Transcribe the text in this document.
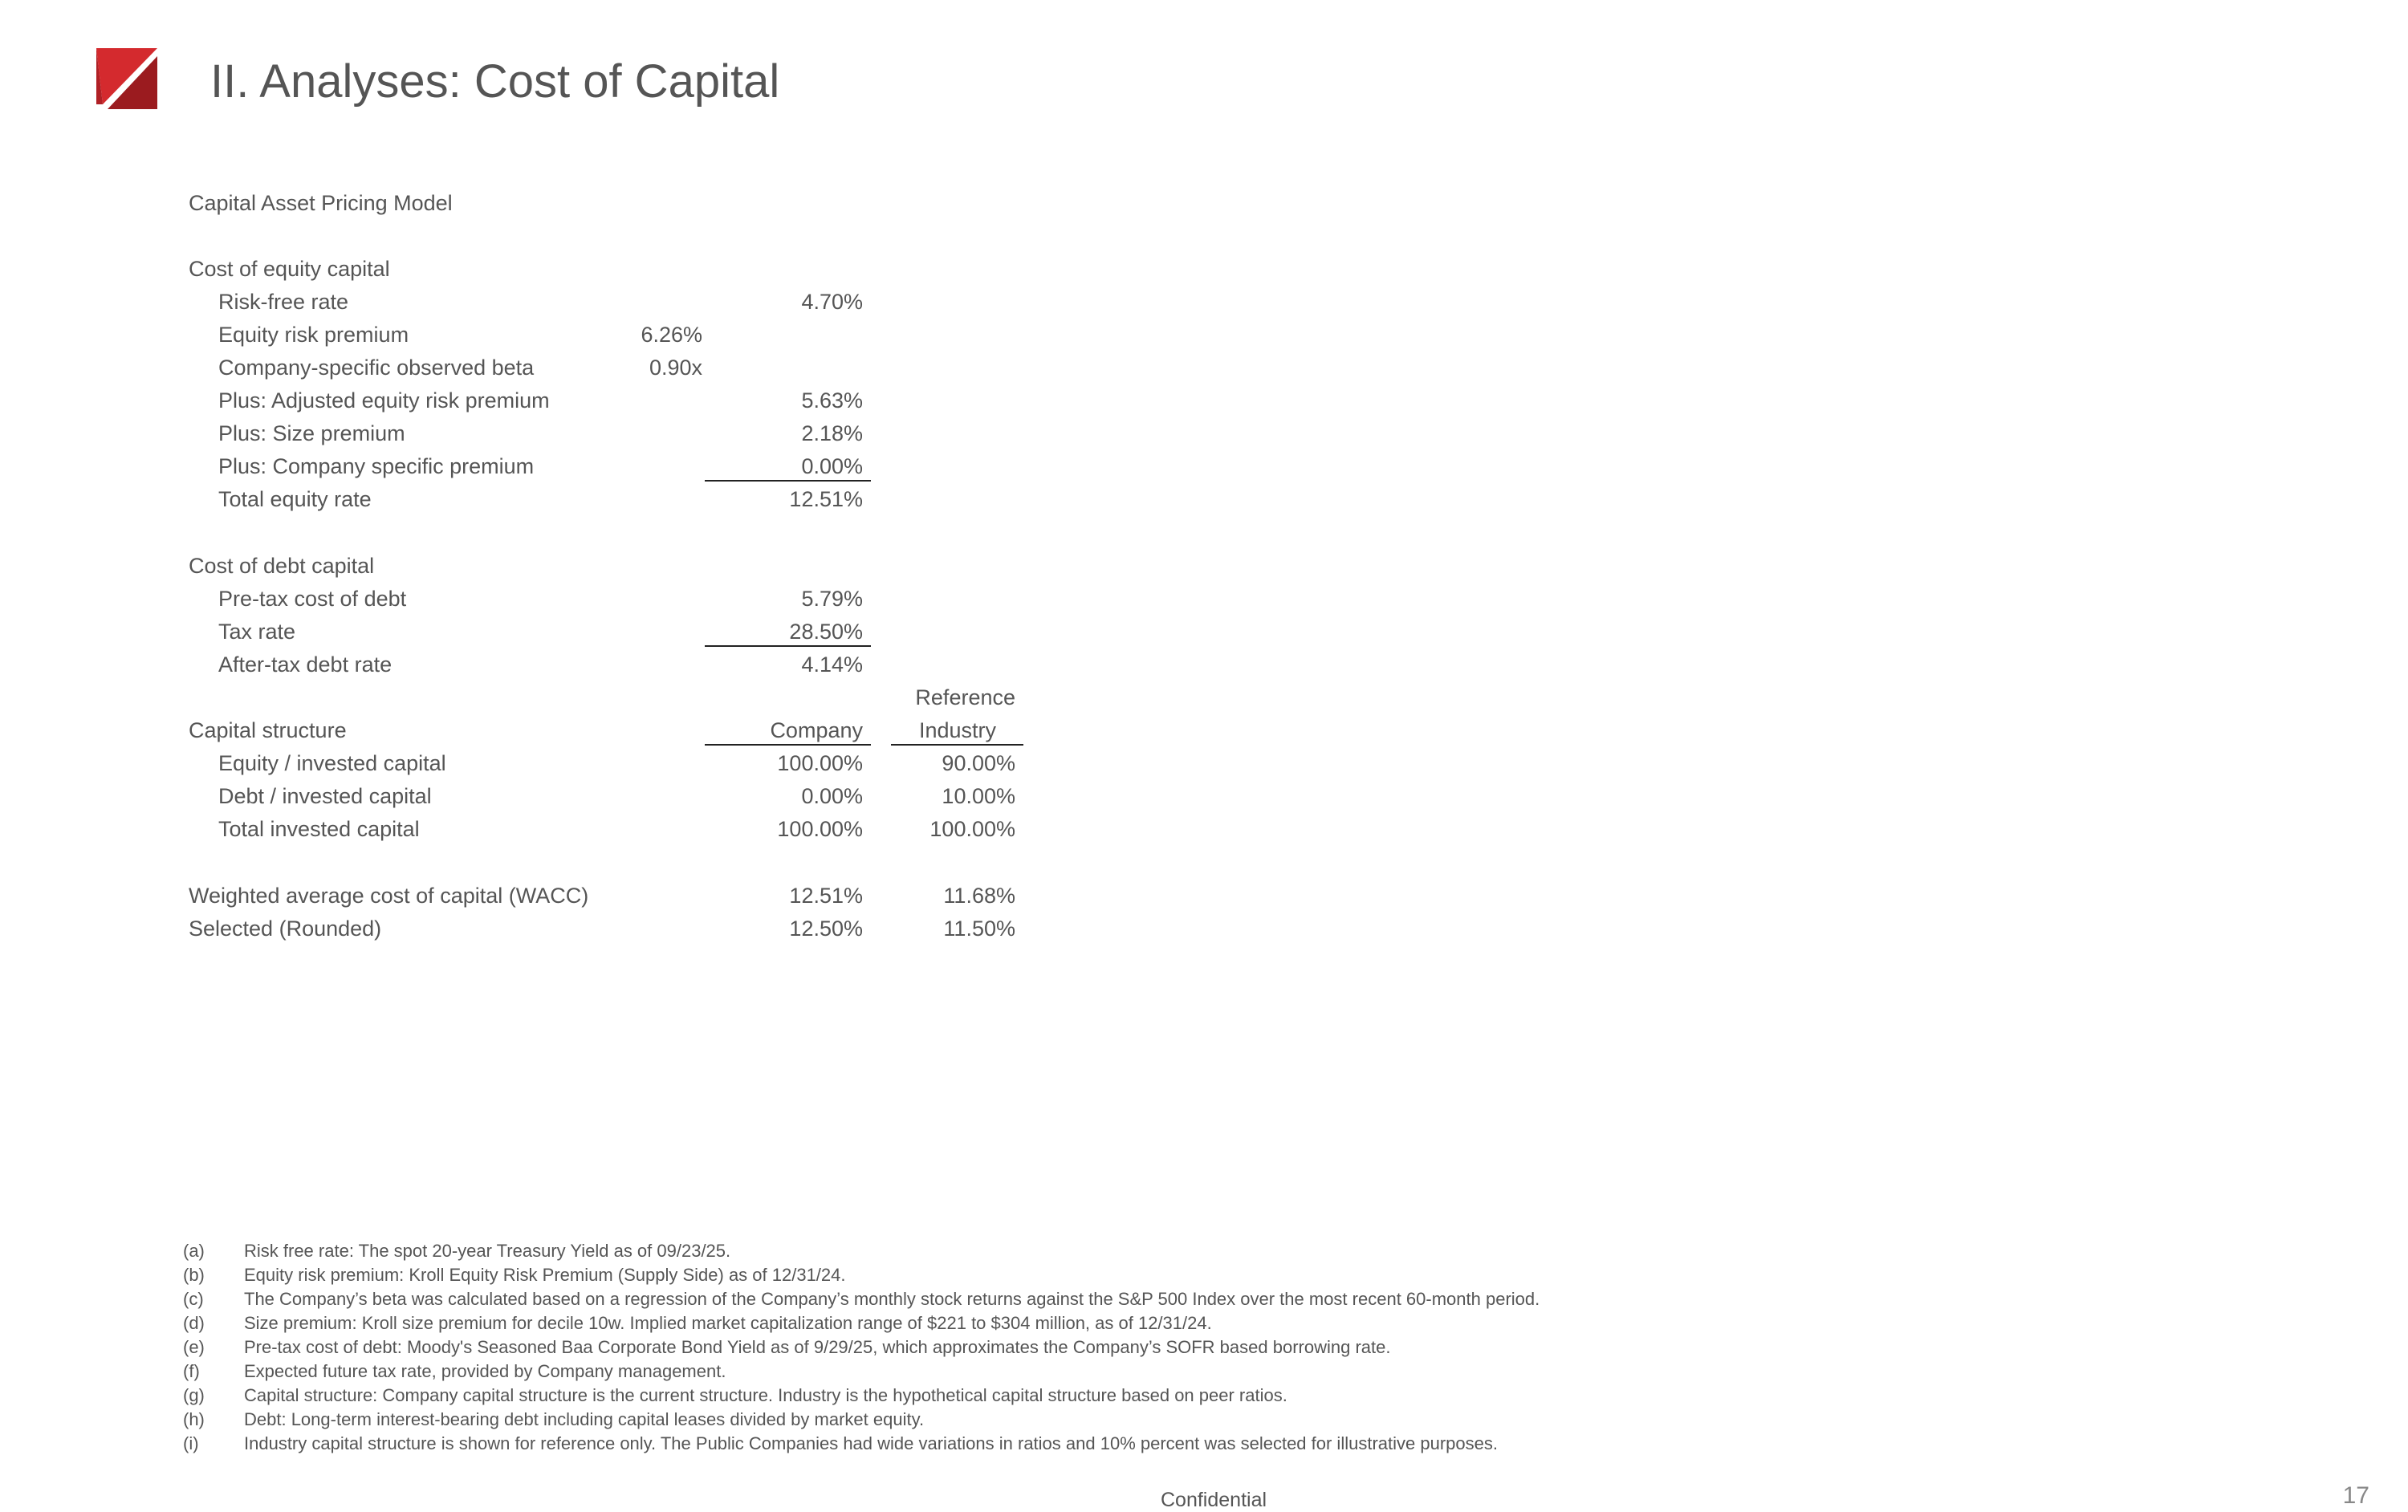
II. Analyses: Cost of Capital
Capital Asset Pricing Model
Cost of equity capital
Risk-free rate	4.70%
Equity risk premium	6.26%
Company-specific observed beta	0.90x
Plus: Adjusted equity risk premium	5.63%
Plus: Size premium	2.18%
Plus: Company specific premium	0.00%
Total equity rate	12.51%
Cost of debt capital
Pre-tax cost of debt	5.79%
Tax rate	28.50%
After-tax debt rate	4.14%
Reference
Capital structure	Company	Industry
Equity / invested capital	100.00%	90.00%
Debt / invested capital	0.00%	10.00%
Total invested capital	100.00%	100.00%
Weighted average cost of capital (WACC)	12.51%	11.68%
Selected (Rounded)	12.50%	11.50%
(a) Risk free rate: The spot 20-year Treasury Yield as of 09/23/25.
(b) Equity risk premium: Kroll Equity Risk Premium (Supply Side) as of 12/31/24.
(c) The Company’s beta was calculated based on a regression of the Company’s monthly stock returns against the S&P 500 Index over the most recent 60-month period.
(d) Size premium: Kroll size premium for decile 10w. Implied market capitalization range of $221 to $304 million, as of 12/31/24.
(e) Pre-tax cost of debt: Moody's Seasoned Baa Corporate Bond Yield as of 9/29/25, which approximates the Company’s SOFR based borrowing rate.
(f)	Expected future tax rate, provided by Company management.
(g) Capital structure: Company capital structure is the current structure. Industry is the hypothetical capital structure based on peer ratios.
(h) Debt: Long-term interest-bearing debt including capital leases divided by market equity.
(i)	Industry capital structure is shown for reference only. The Public Companies had wide variations in ratios and 10% percent was selected for illustrative purposes.
Confidential	17
